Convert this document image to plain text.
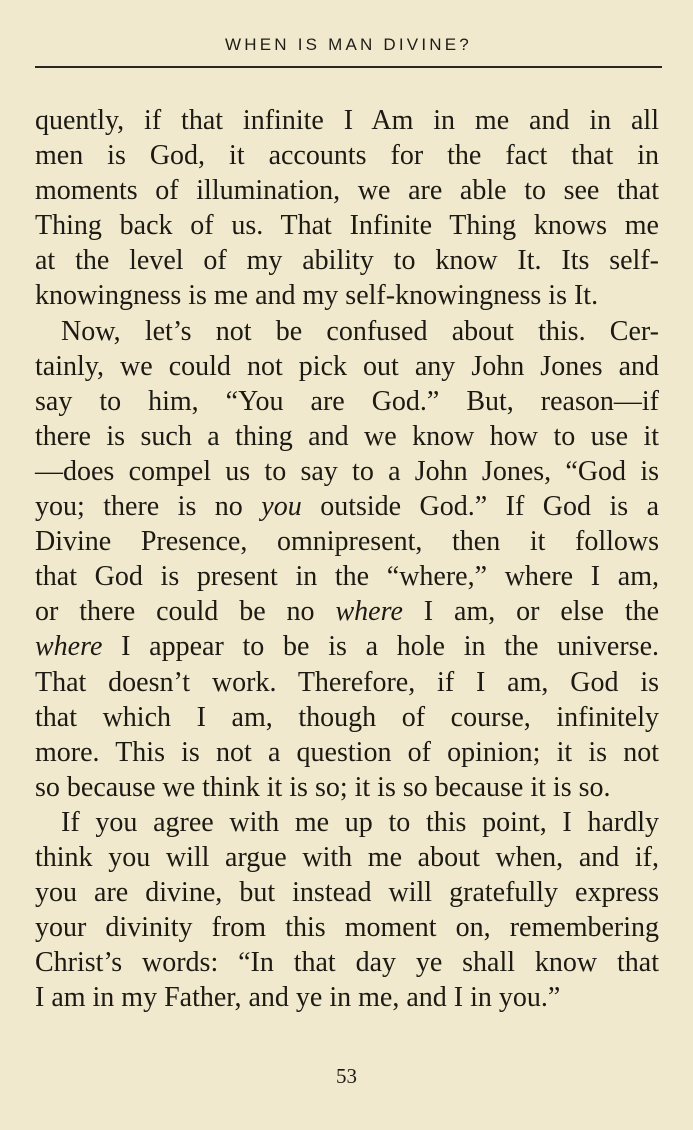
WHEN IS MAN DIVINE?
quently, if that infinite I Am in me and in all
men is God, it accounts for the fact that in
moments of illumination, we are able to see that
Thing back of us. That Infinite Thing knows me
at the level of my ability to know It. Its self-
knowingness is me and my self-knowingness is It.
Now, let’s not be confused about this. Cer-
tainly, we could not pick out any John Jones and
say to him, “You are God.” But, reason—if
there is such a thing and we know how to use it
—does compel us to say to a John Jones, “God is
you; there is no you outside God.” If God is a
Divine Presence, omnipresent, then it follows
that God is present in the “where,” where I am,
or there could be no where I am, or else the
where I appear to be is a hole in the universe.
That doesn’t work. Therefore, if I am, God is
that which I am, though of course, infinitely
more. This is not a question of opinion; it is not
so because we think it is so; it is so because it is so.
If you agree with me up to this point, I hardly
think you will argue with me about when, and if,
you are divine, but instead will gratefully express
your divinity from this moment on, remembering
Christ’s words: “In that day ye shall know that
I am in my Father, and ye in me, and I in you.”
53
